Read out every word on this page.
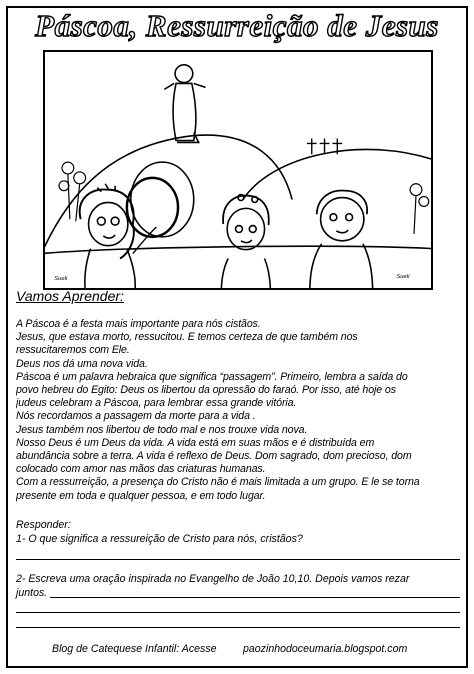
Páscoa, Ressurreição de Jesus
Sueli	Sueli
Vamos Aprender:

A Páscoa é a festa mais importante para nós cistãos.

Jesus, que estava morto, ressucitou. E temos certeza de que também nos

ressucitaremos com Ele.

Deus nos dá uma nova vida.

Páscoa é um palavra hebraica que significa “passagem”. Primeiro, lembra a saída do

povo hebreu do Egito: Deus os libertou da opressão do faraó. Por isso, até hoje os

judeus celebram a Páscoa, para lembrar essa grande vitória.

Nós recordamos a passagem da morte para a vida .

Jesus também nos libertou de todo mal e nos trouxe vida nova.

Nosso Deus é um Deus da vida. A vida está em suas mãos e é distribuída em

abundância sobre a terra. A vida é reflexo de Deus. Dom sagrado, dom precioso, dom

colocado com amor nas mãos das criaturas humanas.

Com a ressurreição, a presença do Cristo não é mais limitada a um grupo. E le se torna

presente em toda e qualquer pessoa, e em todo lugar.

Responder:
1- O que significa a ressureição de Cristo para nós, cristãos?
2- Escreva uma oração inspirada no Evangelho de João 10,10. Depois vamos rezar
juntos.
Blog de Catequese Infantil: Acesse paozinhodoceumaria.blogspot.com
